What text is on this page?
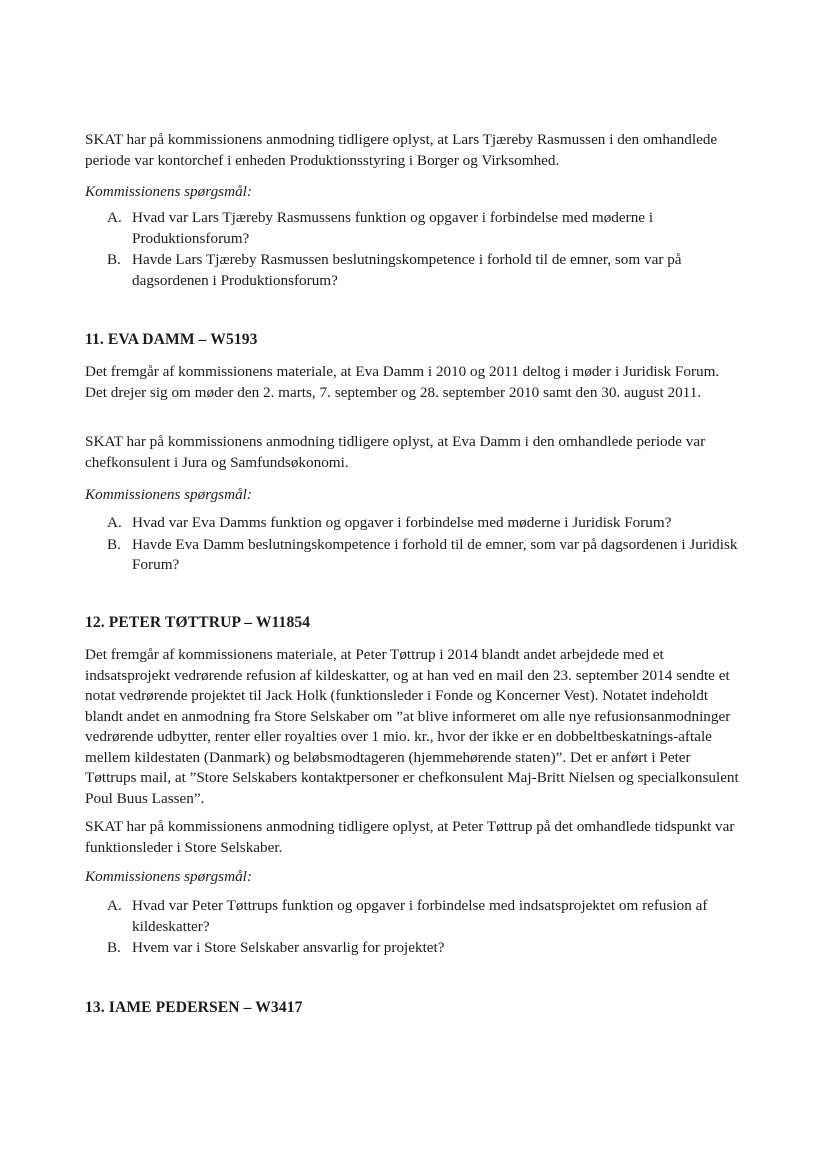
SKAT har på kommissionens anmodning tidligere oplyst, at Lars Tjæreby Rasmussen i den omhandlede periode var kontorchef i enheden Produktionsstyring i Borger og Virksomhed.

Kommissionens spørgsmål:

A. Hvad var Lars Tjæreby Rasmussens funktion og opgaver i forbindelse med møderne i Produktionsforum?
B. Havde Lars Tjæreby Rasmussen beslutningskompetence i forhold til de emner, som var på dagsordenen i Produktionsforum?
11. EVA DAMM – W5193

Det fremgår af kommissionens materiale, at Eva Damm i 2010 og 2011 deltog i møder i Juridisk Forum. Det drejer sig om møder den 2. marts, 7. september og 28. september 2010 samt den 30. august 2011.

SKAT har på kommissionens anmodning tidligere oplyst, at Eva Damm i den omhandlede periode var chefkonsulent i Jura og Samfundsøkonomi.

Kommissionens spørgsmål:

A. Hvad var Eva Damms funktion og opgaver i forbindelse med møderne i Juridisk Forum?
B. Havde Eva Damm beslutningskompetence i forhold til de emner, som var på dagsordenen i Juridisk Forum?
12. PETER TØTTRUP – W11854

Det fremgår af kommissionens materiale, at Peter Tøttrup i 2014 blandt andet arbejdede med et indsatsprojekt vedrørende refusion af kildeskatter, og at han ved en mail den 23. september 2014 sendte et notat vedrørende projektet til Jack Holk (funktionsleder i Fonde og Koncerner Vest). Notatet indeholdt blandt andet en anmodning fra Store Selskaber om ”at blive informeret om alle nye refusionsanmodninger vedrørende udbytter, renter eller royalties over 1 mio. kr., hvor der ikke er en dobbeltbeskatnings-aftale mellem kildestaten (Danmark) og beløbsmodtageren (hjemmehørende staten)”. Det er anført i Peter Tøttrups mail, at ”Store Selskabers kontaktpersoner er chefkonsulent Maj-Britt Nielsen og specialkonsulent Poul Buus Lassen”.

SKAT har på kommissionens anmodning tidligere oplyst, at Peter Tøttrup på det omhandlede tidspunkt var funktionsleder i Store Selskaber.

Kommissionens spørgsmål:

A. Hvad var Peter Tøttrups funktion og opgaver i forbindelse med indsatsprojektet om refusion af kildeskatter?
B. Hvem var i Store Selskaber ansvarlig for projektet?
13. IAME PEDERSEN – W3417
